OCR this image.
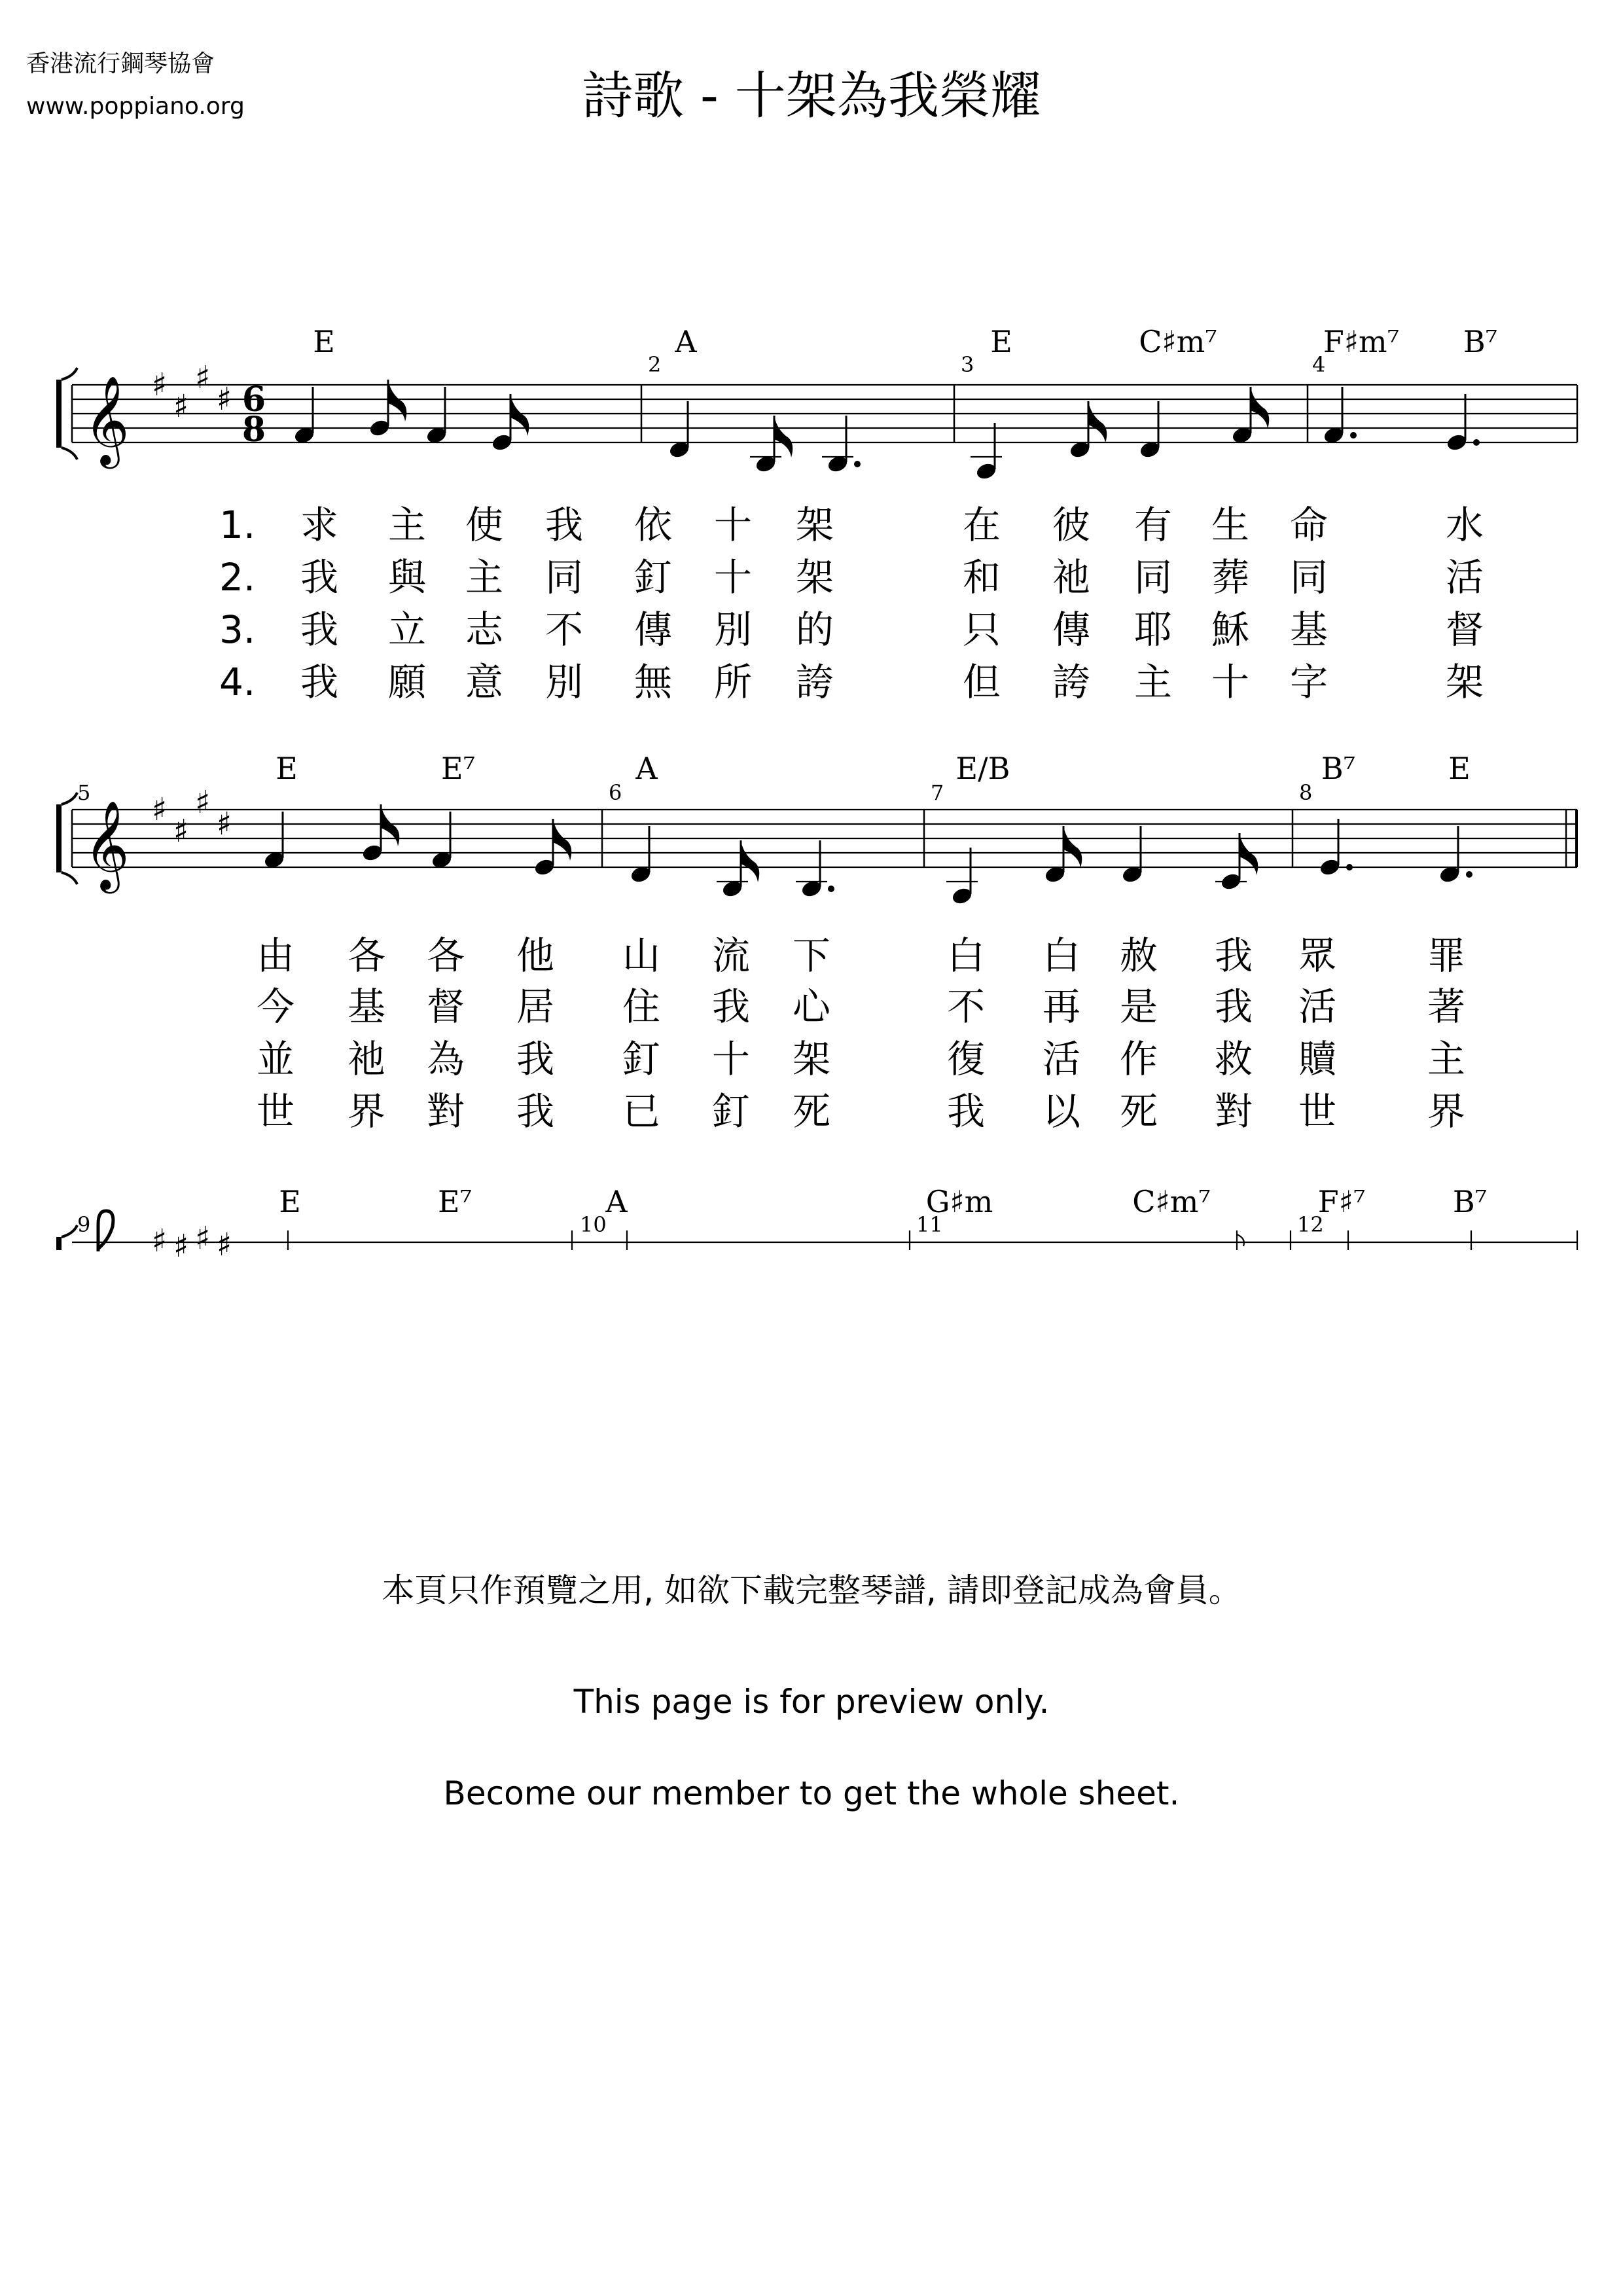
香港流行鋼琴協會
www.poppiano.org	詩歌 - 十架為我榮耀
𝄞 ♯
♯
♯
♯ 6
8
E	A	E	C♯m⁷	F♯m⁷ B⁷
2	3	4
1.
2.
3.
4.
求 主 使 我 依 十 架	在 彼 有 生 命	水
我 與 主 同 釘 十 架	和 祂 同 葬 同	活
我 立 志 不 傳 別 的	只 傳 耶 穌 基	督
我 願 意 別 無 所 誇	但 誇 主 十 字	架
𝄞 ♯
♯
♯
♯
E	E⁷	A	E/B	B⁷	E
5	6	7	8
由 各 各 他 山 流 下	白 白 赦 我 眾 罪
今 基 督 居 住 我 心	不 再 是 我 活 著
並 祂 為 我 釘 十 架	復 活 作 救 贖 主
世 界 對 我 已 釘 死	我 以 死 對 世 界
♯ ♯ ♯ ♯
E	E⁷	A	G♯m	C♯m⁷	F♯⁷	B⁷
9	10	11	12
本頁只作預覽之用, 如欲下載完整琴譜, 請即登記成為會員。
This page is for preview only.
Become our member to get the whole sheet.
